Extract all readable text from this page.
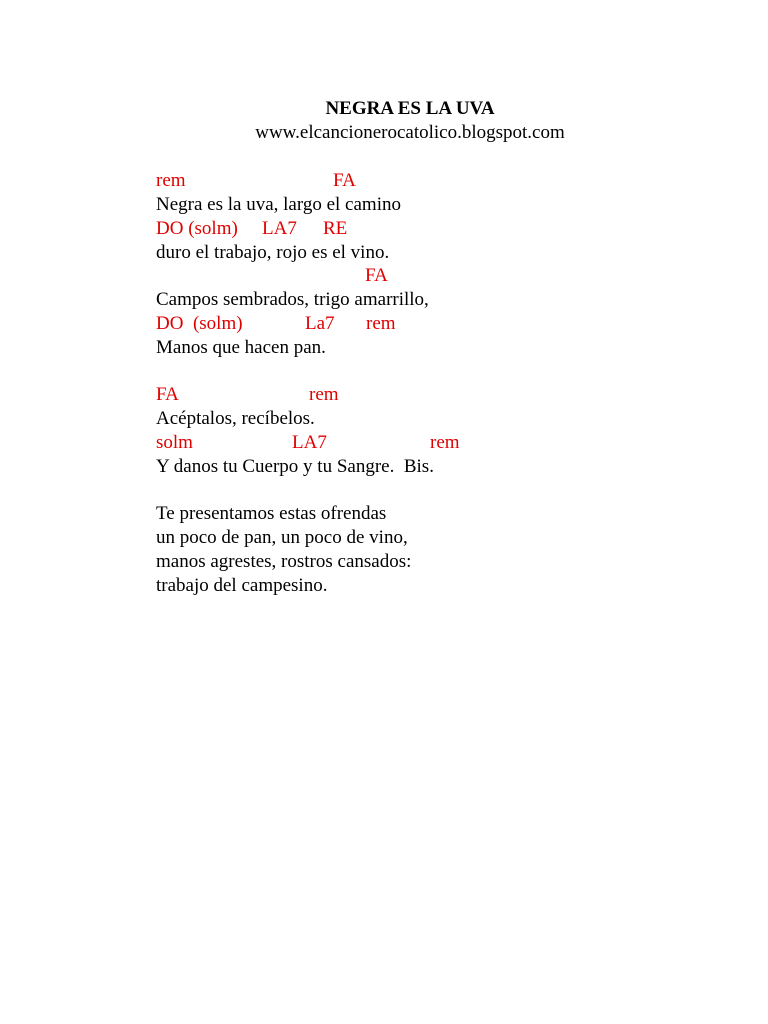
NEGRA ES LA UVA
www.elcancionerocatolico.blogspot.com
rem	FA
Negra es la uva, largo el camino
DO (solm) LA7 RE
duro el trabajo, rojo es el vino.
FA
Campos sembrados, trigo amarrillo,
DO  (solm)	La7 rem
Manos que hacen pan.
FA	rem
Acéptalos, recíbelos.
solm	LA7	rem
Y danos tu Cuerpo y tu Sangre.  Bis.
Te presentamos estas ofrendas
un poco de pan, un poco de vino,
manos agrestes, rostros cansados:
trabajo del campesino.
